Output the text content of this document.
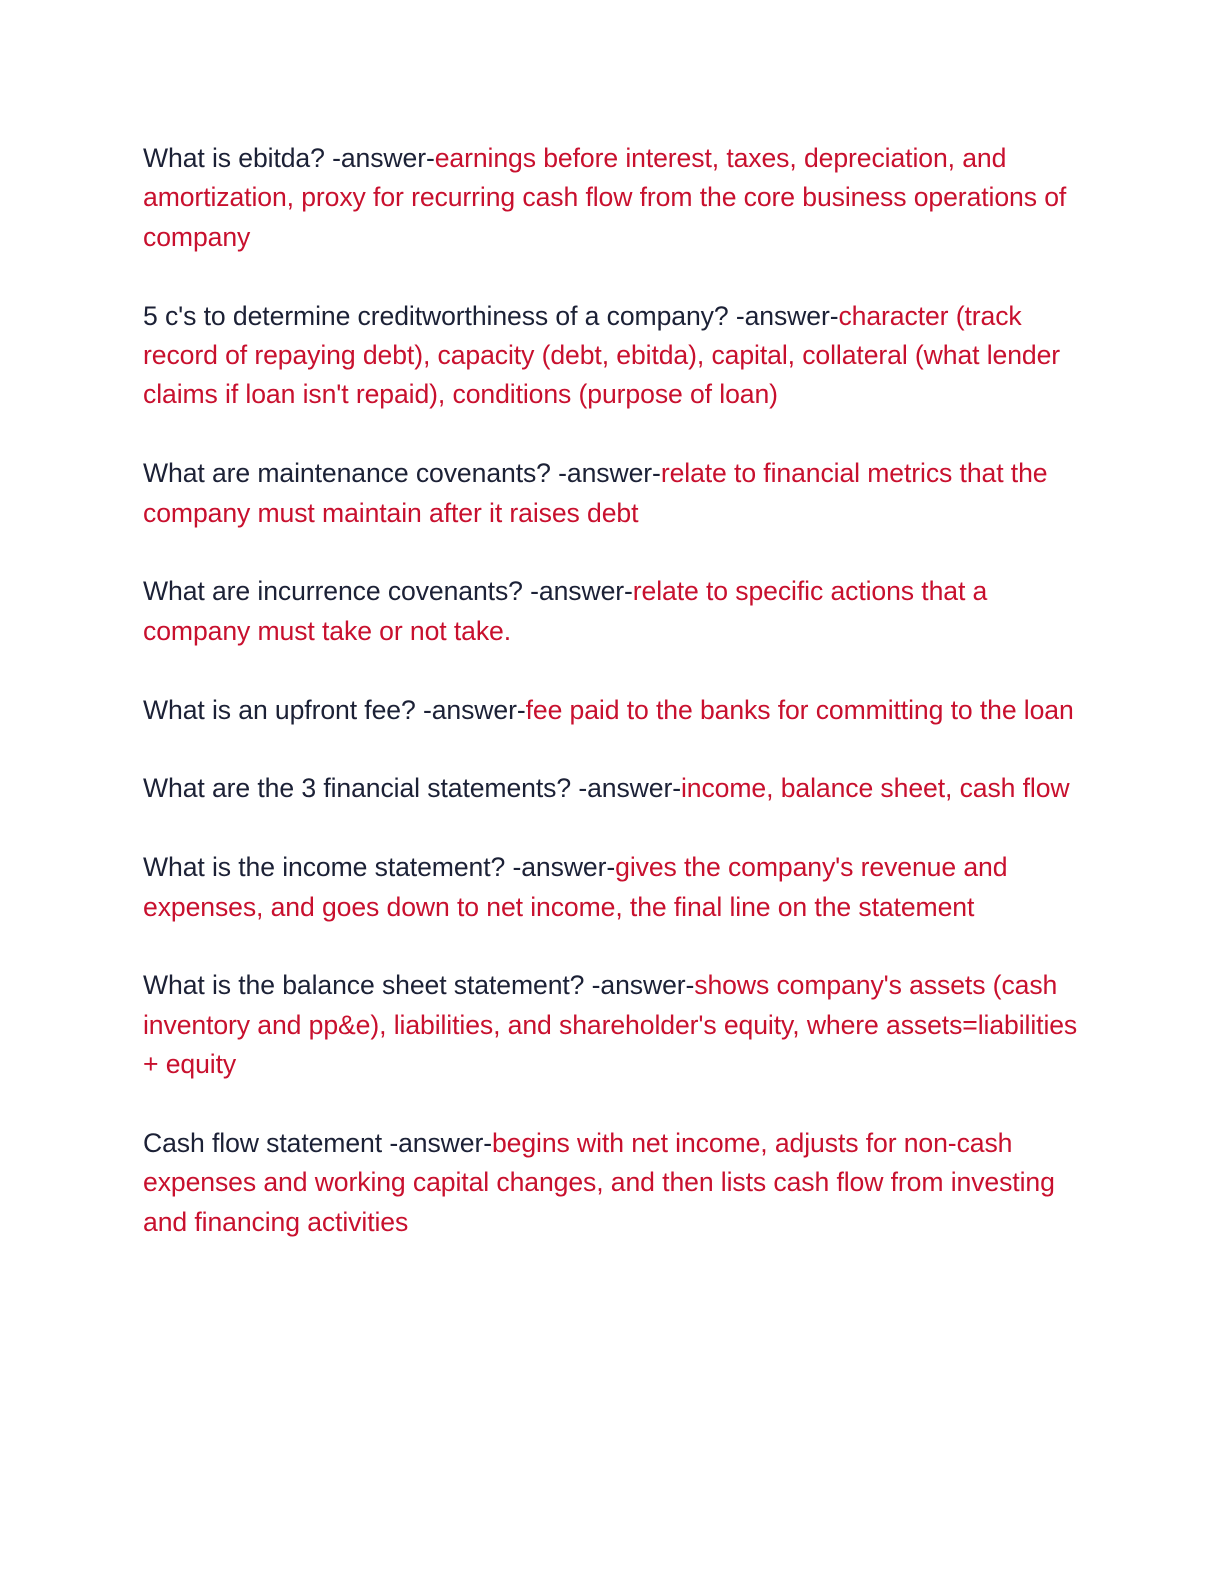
What is ebitda? -answer-earnings before interest, taxes, depreciation, and amortization, proxy for recurring cash flow from the core business operations of company

5 c's to determine creditworthiness of a company? -answer-character (track record of repaying debt), capacity (debt, ebitda), capital, collateral (what lender claims if loan isn't repaid), conditions (purpose of loan)

What are maintenance covenants? -answer-relate to financial metrics that the company must maintain after it raises debt

What are incurrence covenants? -answer-relate to specific actions that a company must take or not take.

What is an upfront fee? -answer-fee paid to the banks for committing to the loan

What are the 3 financial statements? -answer-income, balance sheet, cash flow

What is the income statement? -answer-gives the company's revenue and expenses, and goes down to net income, the final line on the statement

What is the balance sheet statement? -answer-shows company's assets (cash inventory and pp&e), liabilities, and shareholder's equity, where assets=liabilities + equity

Cash flow statement -answer-begins with net income, adjusts for non-cash expenses and working capital changes, and then lists cash flow from investing and financing activities
